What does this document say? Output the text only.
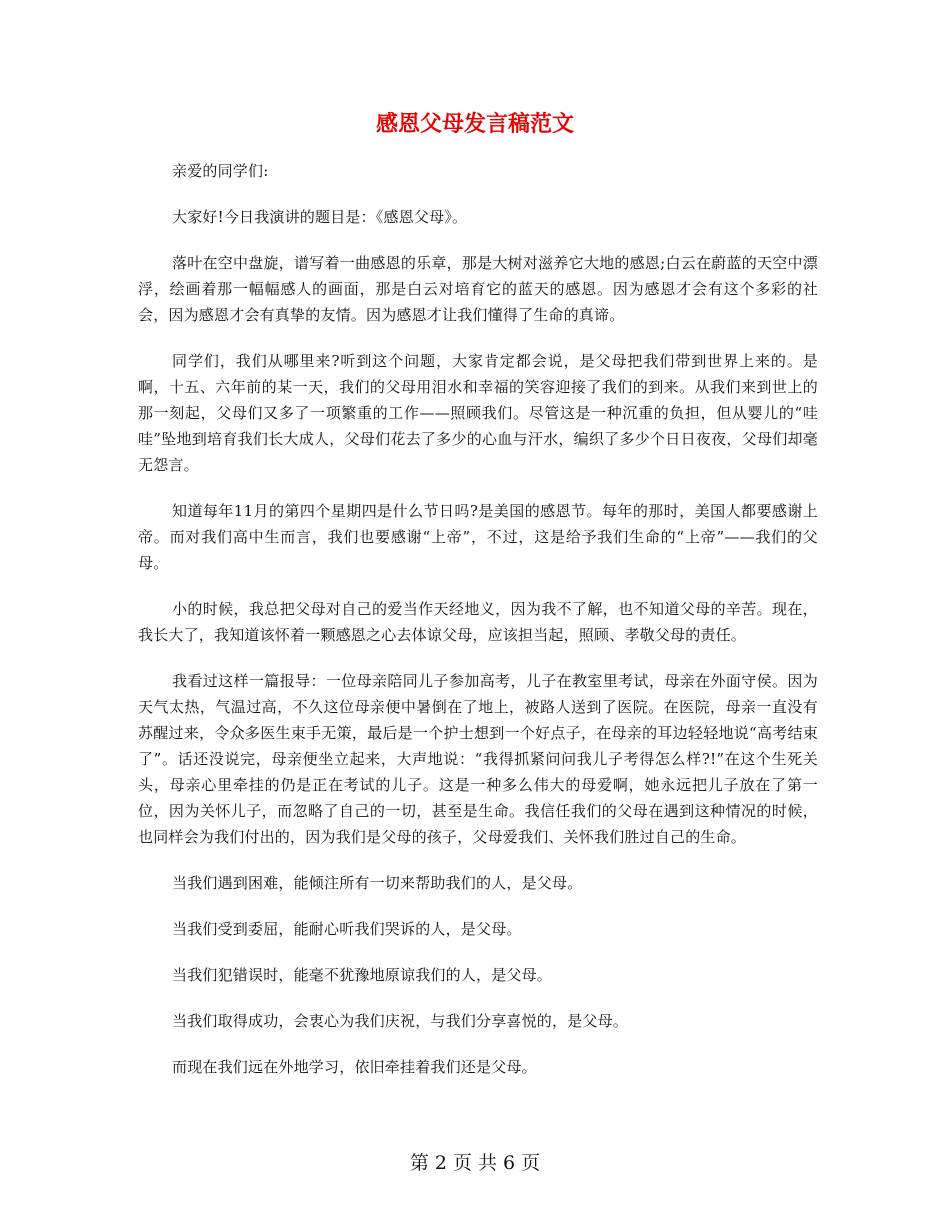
感恩父母发言稿范文

亲爱的同学们:

大家好!今日我演讲的题目是：《感恩父母》。

落叶在空中盘旋，谱写着一曲感恩的乐章，那是大树对滋养它大地的感恩;白云在蔚蓝的天空中漂浮，绘画着那一幅幅感人的画面，那是白云对培育它的蓝天的感恩。因为感恩才会有这个多彩的社会，因为感恩才会有真挚的友情。因为感恩才让我们懂得了生命的真谛。

同学们，我们从哪里来?听到这个问题，大家肯定都会说，是父母把我们带到世界上来的。是啊，十五、六年前的某一天，我们的父母用泪水和幸福的笑容迎接了我们的到来。从我们来到世上的那一刻起，父母们又多了一项繁重的工作——照顾我们。尽管这是一种沉重的负担，但从婴儿的“哇哇”坠地到培育我们长大成人，父母们花去了多少的心血与汗水，编织了多少个日日夜夜，父母们却毫无怨言。

知道每年11月的第四个星期四是什么节日吗?是美国的感恩节。每年的那时，美国人都要感谢上帝。而对我们高中生而言，我们也要感谢“上帝”，不过，这是给予我们生命的“上帝”——我们的父母。

小的时候，我总把父母对自己的爱当作天经地义，因为我不了解，也不知道父母的辛苦。现在，我长大了，我知道该怀着一颗感恩之心去体谅父母，应该担当起，照顾、孝敬父母的责任。

我看过这样一篇报导：一位母亲陪同儿子参加高考，儿子在教室里考试，母亲在外面守侯。因为天气太热，气温过高，不久这位母亲便中暑倒在了地上，被路人送到了医院。在医院，母亲一直没有苏醒过来，令众多医生束手无策，最后是一个护士想到一个好点子，在母亲的耳边轻轻地说“高考结束了”。话还没说完，母亲便坐立起来，大声地说：“我得抓紧问问我儿子考得怎么样?!”在这个生死关头，母亲心里牵挂的仍是正在考试的儿子。这是一种多么伟大的母爱啊，她永远把儿子放在了第一位，因为关怀儿子，而忽略了自己的一切，甚至是生命。我信任我们的父母在遇到这种情况的时候，也同样会为我们付出的，因为我们是父母的孩子，父母爱我们、关怀我们胜过自己的生命。

当我们遇到困难，能倾注所有一切来帮助我们的人，是父母。

当我们受到委屈，能耐心听我们哭诉的人，是父母。

当我们犯错误时，能毫不犹豫地原谅我们的人，是父母。

当我们取得成功，会衷心为我们庆祝，与我们分享喜悦的，是父母。

而现在我们远在外地学习，依旧牵挂着我们还是父母。

第 2 页 共 6 页
